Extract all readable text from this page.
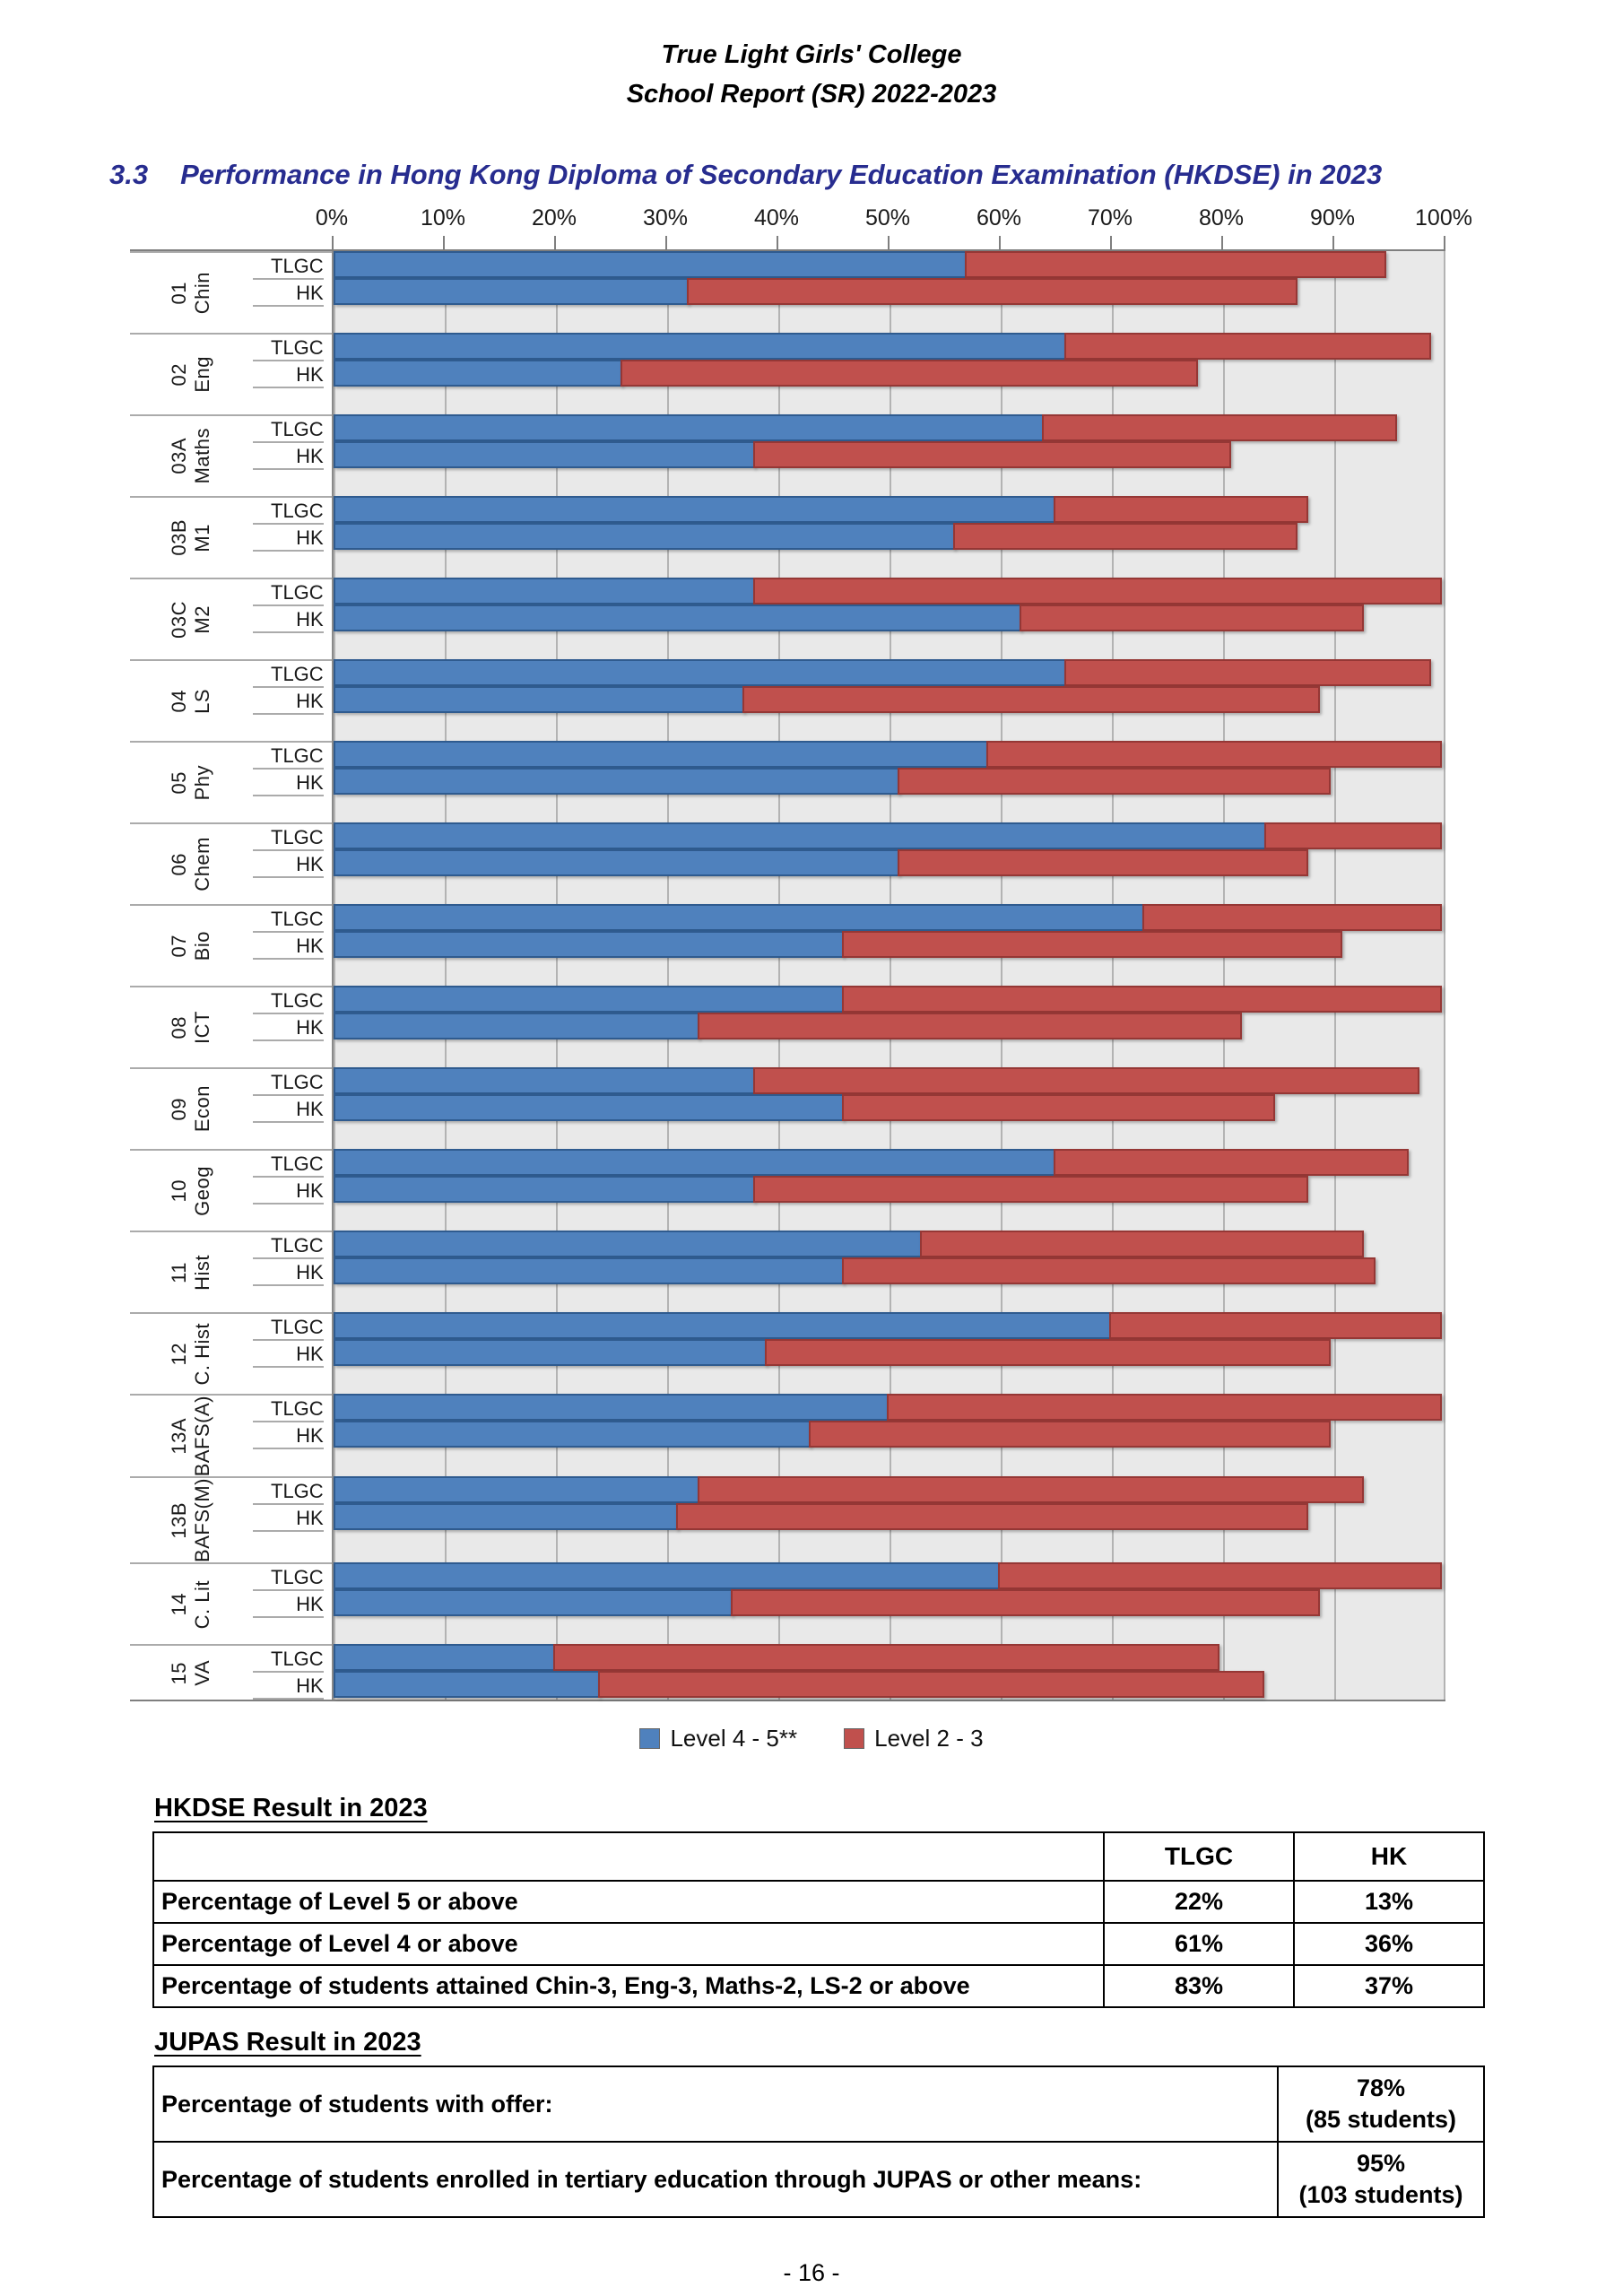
True Light Girls' College
School Report (SR) 2022-2023
3.3 Performance in Hong Kong Diploma of Secondary Education Examination (HKDSE) in 2023
0%	10%	20%	30%	40%	50%	60%	70%	80%	90%	100%
01 Chin
TLGC
HK
02 Eng
TLGC
HK
03A Maths	TLGC
HK
03B M1
TLGC
HK
03C M2
TLGC
HK
04 LS
TLGC
HK
05 Phy
TLGC
HK
06 Chem	TLGC
HK
07 Bio
TLGC
HK
08 ICT
TLGC
HK
09 Econ
TLGC
HK
10 Geog
TLGC
HK
11 Hist
TLGC
HK
12 C. Hist	TLGC
HK
13A BAFS(A)	TLGC
HK
13B BAFS(M)	TLGC
HK
14 C. Lit
TLGC
HK
15 VA
TLGC
HK
Level 4 - 5**	Level 2 - 3
HKDSE Result in 2023
	TLGC	HK
Percentage of Level 5 or above	22%	13%
Percentage of Level 4 or above	61%	36%
Percentage of students attained Chin-3, Eng-3, Maths-2, LS-2 or above	83%	37%
JUPAS Result in 2023
Percentage of students with offer:	78%
(85 students)

Percentage of students enrolled in tertiary education through JUPAS or other means:	95%
(103 students)
- 16 -
